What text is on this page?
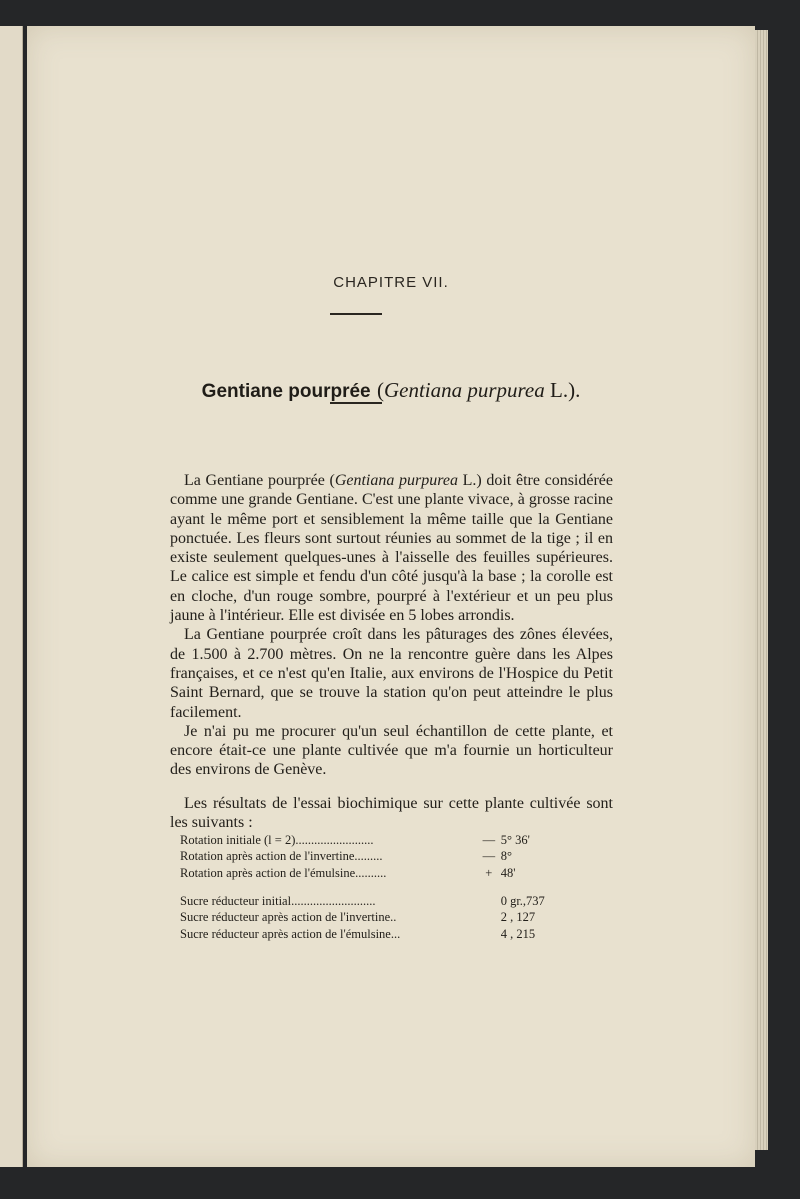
CHAPITRE VII.
Gentiane pourprée (Gentiana purpurea L.).

La Gentiane pourprée (Gentiana purpurea L.) doit être considérée comme une grande Gentiane. C'est une plante vivace, à grosse racine ayant le même port et sensiblement la même taille que la Gentiane ponctuée. Les fleurs sont surtout réunies au sommet de la tige ; il en existe seulement quelques-unes à l'aisselle des feuilles supérieures. Le calice est simple et fendu d'un côté jusqu'à la base ; la corolle est en cloche, d'un rouge sombre, pourpré à l'extérieur et un peu plus jaune à l'intérieur. Elle est divisée en 5 lobes arrondis.

La Gentiane pourprée croît dans les pâturages des zônes élevées, de 1.500 à 2.700 mètres. On ne la rencontre guère dans les Alpes françaises, et ce n'est qu'en Italie, aux environs de l'Hospice du Petit Saint Bernard, que se trouve la station qu'on peut atteindre le plus facilement.

Je n'ai pu me procurer qu'un seul échantillon de cette plante, et encore était-ce une plante cultivée que m'a fournie un horticulteur des environs de Genève.

Les résultats de l'essai biochimique sur cette plante cultivée sont les suivants :

Rotation initiale (l = 2).........................	— 5° 36'
Rotation après action de l'invertine.........	— 8°
Rotation après action de l'émulsine..........	+ 48'
Sucre réducteur initial...........................	0 gr.,737
Sucre réducteur après action de l'invertine..	2 , 127
Sucre réducteur après action de l'émulsine...	4 , 215
